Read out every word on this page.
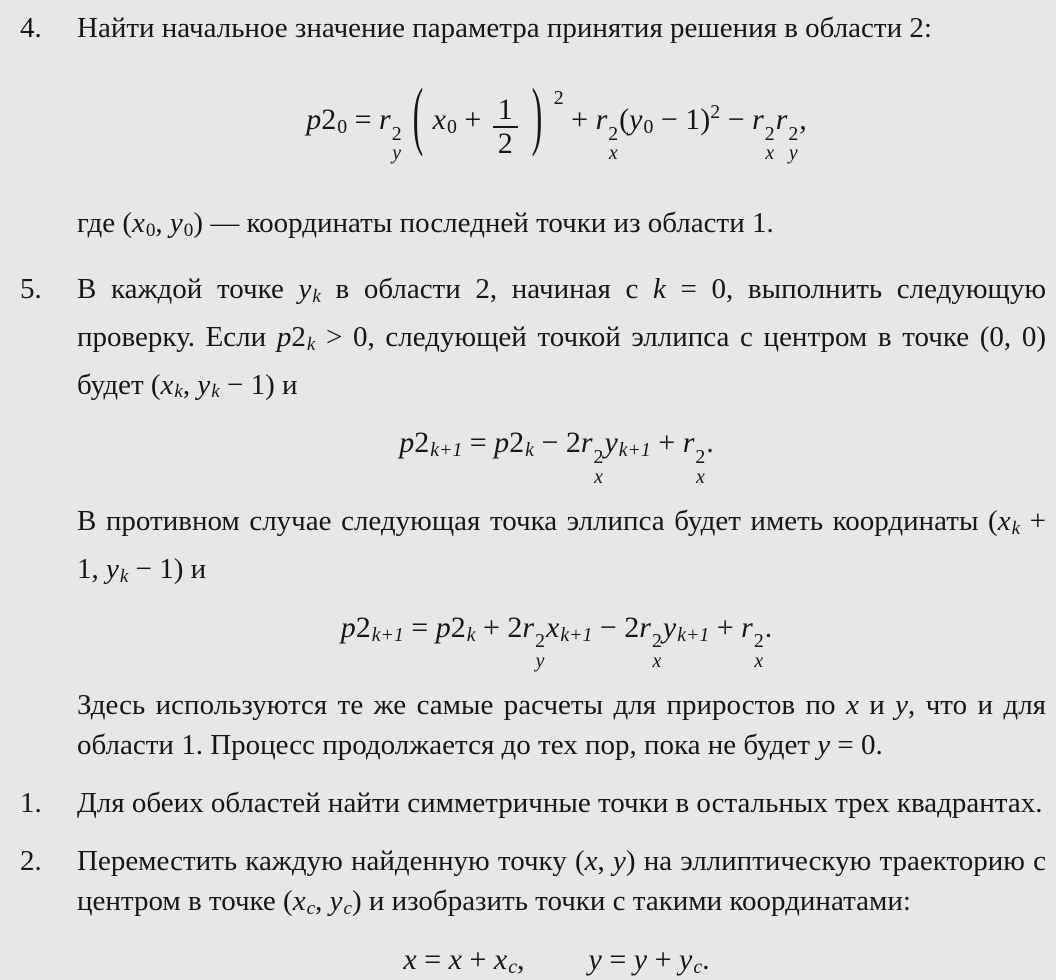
4.	Найти начальное значение параметра принятия решения в области 2:
p20 = r 2
y ( $x0 + \frac{1}{2}$ ) $^2$ + r 2
x
$(y0 - 1)^2 - r$ 2
x
r 2
y
,
где (x0, y0) — координаты последней точки из области 1.
5.	В каждой точке yk в области 2, начиная с k = 0, выполнить следующую проверку. Если p2k > 0, следующей точкой эллипса с центром в точке (0, 0) будет (xk, yk − 1) и
p2k+1 = p2k − 2r 2
x
yk+1 + r 2
x
.
В противном случае следующая точка эллипса будет иметь координаты (xk + 1, yk − 1) и
p2k+1 = p2k + 2r 2
y
xk+1 − 2r 2
x
yk+1 + r 2
x
.
Здесь используются те же самые расчеты для приростов по x и y, что и для области 1. Процесс продолжается до тех пор, пока не будет y = 0.
1.	Для обеих областей найти симметричные точки в остальных трех квадрантах.
2.	Переместить каждую найденную точку (x, y) на эллиптическую траекторию с центром в точке (xc, yc) и изобразить точки с такими координатами:
x = x + xc, y = y + yc.
